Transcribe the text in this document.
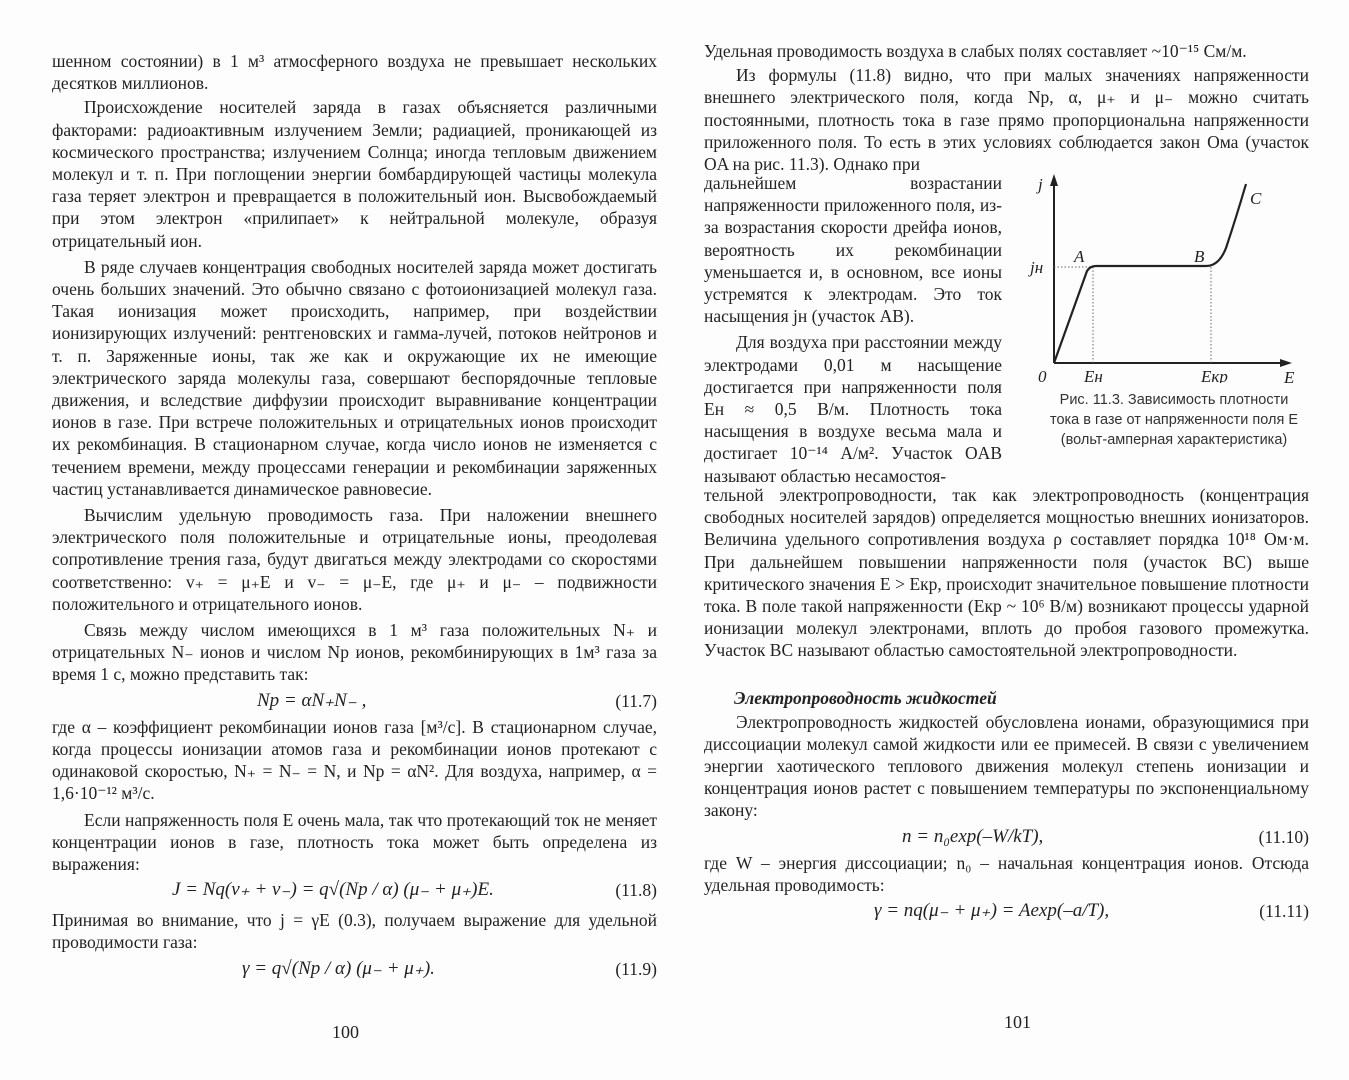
шенном состоянии) в 1 м³ атмосферного воздуха не превышает нескольких десятков миллионов.

Происхождение носителей заряда в газах объясняется различными факторами: радиоактивным излучением Земли; радиацией, проникающей из космического пространства; излучением Солнца; иногда тепловым движением молекул и т. п. При поглощении энергии бомбардирующей частицы молекула газа теряет электрон и превращается в положительный ион. Высвобождаемый при этом электрон «прилипает» к нейтральной молекуле, образуя отрицательный ион.

В ряде случаев концентрация свободных носителей заряда может достигать очень больших значений. Это обычно связано с фотоионизацией молекул газа. Такая ионизация может происходить, например, при воздействии ионизирующих излучений: рентгеновских и гамма-лучей, потоков нейтронов и т. п. Заряженные ионы, так же как и окружающие их не имеющие электрического заряда молекулы газа, совершают беспорядочные тепловые движения, и вследствие диффузии происходит выравнивание концентрации ионов в газе. При встрече положительных и отрицательных ионов происходит их рекомбинация. В стационарном случае, когда число ионов не изменяется с течением времени, между процессами генерации и рекомбинации заряженных частиц устанавливается динамическое равновесие.

Вычислим удельную проводимость газа. При наложении внешнего электрического поля положительные и отрицательные ионы, преодолевая сопротивление трения газа, будут двигаться между электродами со скоростями соответственно: v₊ = μ₊E и v₋ = μ₋E, где μ₊ и μ₋ – подвижности положительного и отрицательного ионов.

Связь между числом имеющихся в 1 м³ газа положительных N₊ и отрицательных N₋ ионов и числом Nр ионов, рекомбинирующих в 1м³ газа за время 1 с, можно представить так:

Nр = αN₊N₋ ,	(11.7)

где α – коэффициент рекомбинации ионов газа [м³/с]. В стационарном случае, когда процессы ионизации атомов газа и рекомбинации ионов протекают с одинаковой скоростью, N₊ = N₋ = N, и Nр = αN². Для воздуха, например, α = 1,6·10⁻¹² м³/с.

Если напряженность поля E очень мала, так что протекающий ток не меняет концентрации ионов в газе, плотность тока может быть определена из выражения:

J = Nq(v₊ + v₋) = q√(Nр / α) (μ₋ + μ₊)E.	(11.8)

Принимая во внимание, что j = γE (0.3), получаем выражение для удельной проводимости газа:

γ = q√(Nр / α) (μ₋ + μ₊).	(11.9)
100

Удельная проводимость воздуха в слабых полях составляет ~10⁻¹⁵ См/м.

Из формулы (11.8) видно, что при малых значениях напряженности внешнего электрического поля, когда Nр, α, μ₊ и μ₋ можно считать постоянными, плотность тока в газе прямо пропорциональна напряженности приложенного поля. То есть в этих условиях соблюдается закон Ома (участок OA на рис. 11.3). Однако при

дальнейшем возрастании напряженности приложенного поля, из-за возрастания скорости дрейфа ионов, вероятность их рекомбинации уменьшается и, в основном, все ионы устремятся к электродам. Это ток насыщения jн (участок AB).

Для воздуха при расстоянии между электродами 0,01 м насыщение достигается при напряженности поля Eн ≈ 0,5 В/м. Плотность тока насыщения в воздухе весьма мала и достигает 10⁻¹⁴ А/м². Участок OAB называют областью несамостоя-

j
E
0
jн
Eн	Eкр
A	B
C
Рис. 11.3. Зависимость плотности
тока в газе от напряженности поля E
(вольт-амперная характеристика)

тельной электропроводности, так как электропроводность (концентрация свободных носителей зарядов) определяется мощностью внешних ионизаторов. Величина удельного сопротивления воздуха ρ составляет порядка 10¹⁸ Ом·м. При дальнейшем повышении напряженности поля (участок BC) выше критического значения E > Eкр, происходит значительное повышение плотности тока. В поле такой напряженности (Eкр ~ 10⁶ В/м) возникают процессы ударной ионизации молекул электронами, вплоть до пробоя газового промежутка. Участок BC называют областью самостоятельной электропроводности.

Электропроводность жидкостей

Электропроводность жидкостей обусловлена ионами, образующимися при диссоциации молекул самой жидкости или ее примесей. В связи с увеличением энергии хаотического теплового движения молекул степень ионизации и концентрация ионов растет с повышением температуры по экспоненциальному закону:

n = n₀exp(–W/kT),	(11.10)

где W – энергия диссоциации; n₀ – начальная концентрация ионов. Отсюда удельная проводимость:

γ = nq(μ₋ + μ₊) = Aexp(–a/T),	(11.11)
101
